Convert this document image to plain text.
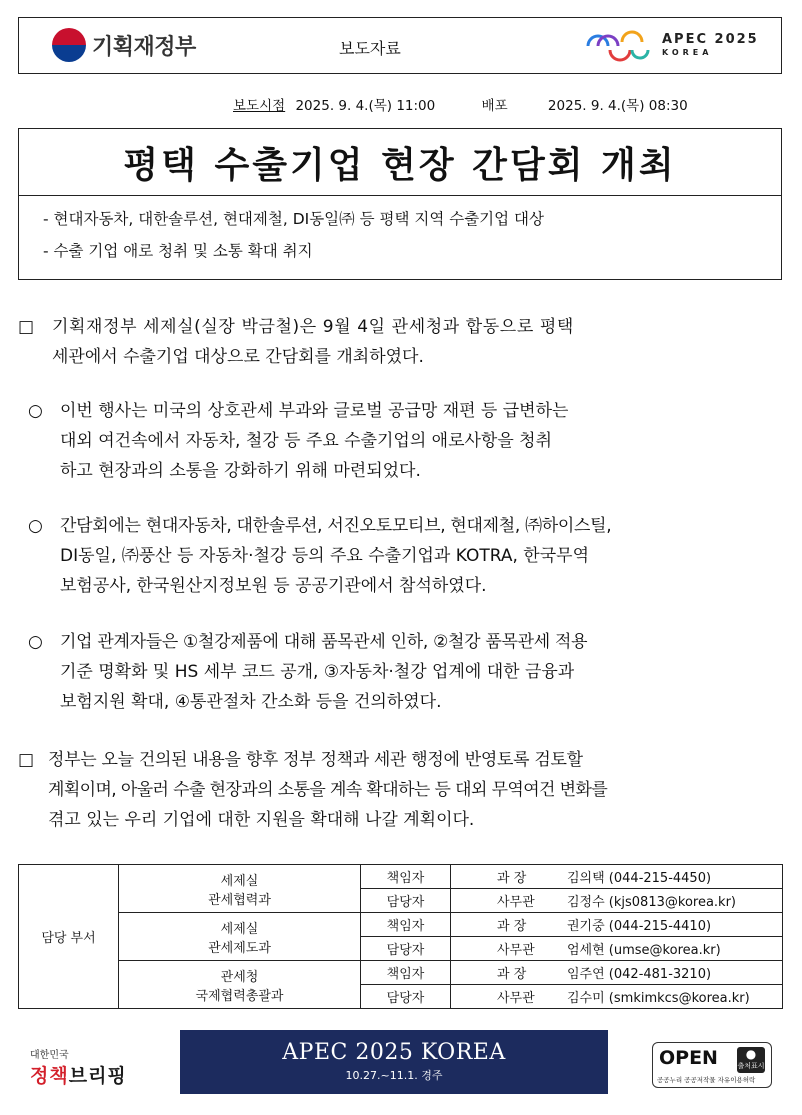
기획재정부	보도자료	APEC 2025
KOREA
보도시점 2025. 9. 4.(목) 11:00	배포	2025. 9. 4.(목) 08:30
평택 수출기업 현장 간담회 개최
- 현대자동차, 대한솔루션, 현대제철, DI동일㈜ 등 평택 지역 수출기업 대상
- 수출 기업 애로 청취 및 소통 확대 취지
□ 기획재정부 세제실(실장 박금철)은 9월 4일 관세청과 합동으로 평택
세관에서 수출기업 대상으로 간담회를 개최하였다.
○ 이번 행사는 미국의 상호관세 부과와 글로벌 공급망 재편 등 급변하는
대외 여건속에서 자동차, 철강 등 주요 수출기업의 애로사항을 청취
하고 현장과의 소통을 강화하기 위해 마련되었다.
○ 간담회에는 현대자동차, 대한솔루션, 서진오토모티브, 현대제철, ㈜하이스틸,
DI동일, ㈜풍산 등 자동차·철강 등의 주요 수출기업과 KOTRA, 한국무역
보험공사, 한국원산지정보원 등 공공기관에서 참석하였다.
○ 기업 관계자들은 ①철강제품에 대해 품목관세 인하, ②철강 품목관세 적용
기준 명확화 및 HS 세부 코드 공개, ③자동차·철강 업계에 대한 금융과
보험지원 확대, ④통관절차 간소화 등을 건의하였다.
□ 정부는 오늘 건의된 내용을 향후 정부 정책과 세관 행정에 반영토록 검토할
계획이며, 아울러 수출 현장과의 소통을 계속 확대하는 등 대외 무역여건 변화를
겪고 있는 우리 기업에 대한 지원을 확대해 나갈 계획이다.
담당 부서	세제실
관세협력과	책임자	과 장 김의택 (044-215-4450)
		담당자	사무관 김정수 (kjs0813@korea.kr)

	세제실
관세제도과	책임자	과 장 권기중 (044-215-4410)
		담당자	사무관 엄세현 (umse@korea.kr)

	관세청
국제협력총괄과	책임자	과 장 임주연 (042-481-3210)
		담당자	사무관 김수미 (smkimkcs@korea.kr)
대한민국
정책브리핑
APEC 2025 KOREA
10.27.~11.1. 경주
OPEN	●
출처표시
공공누리 공공저작물 자유이용허락
